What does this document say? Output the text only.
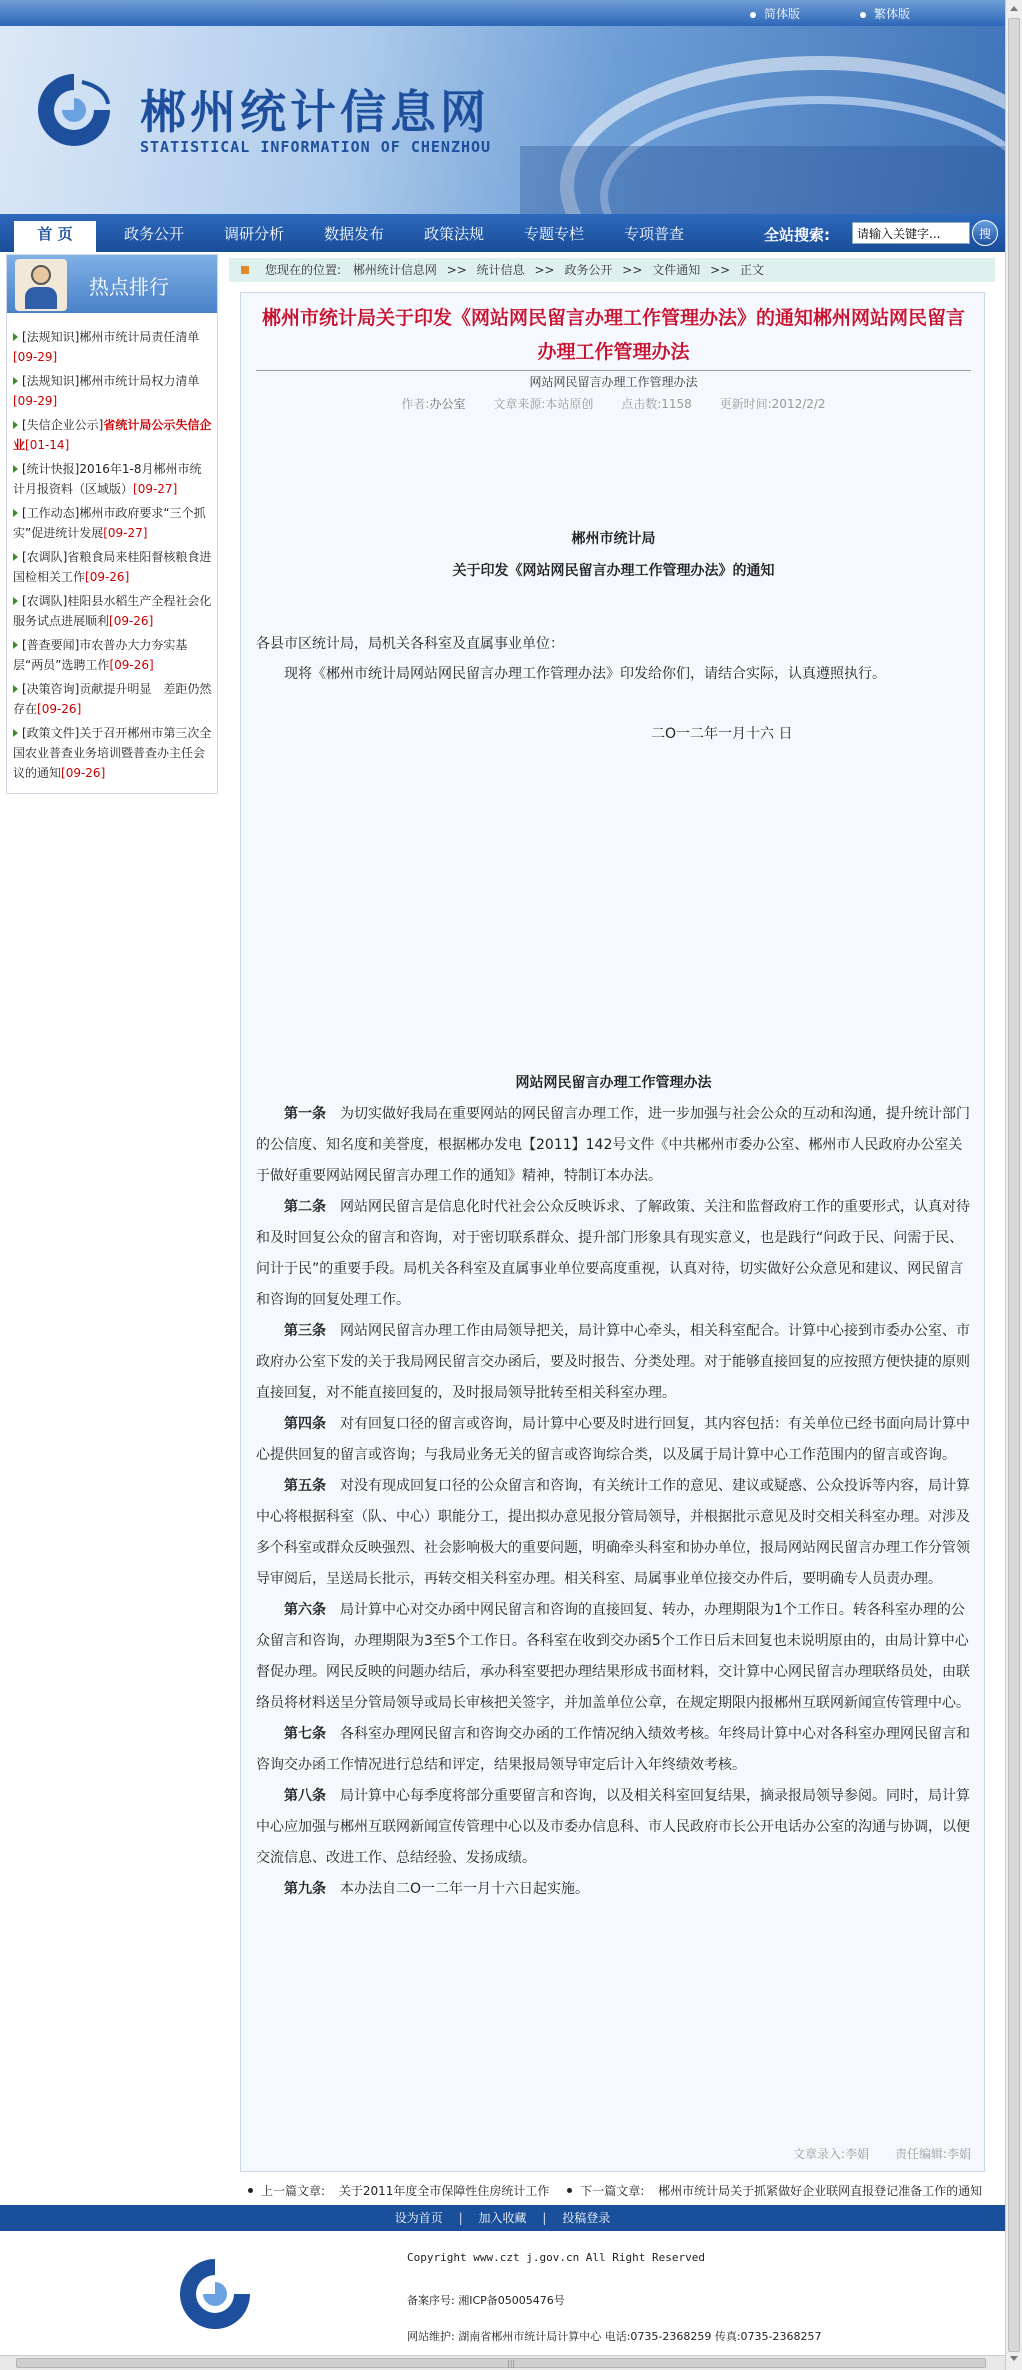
简体版	繁体版
郴州统计信息网
STATISTICAL INFORMATION OF CHENZHOU
首 页	政务公开	调研分析	数据发布	政策法规	专题专栏	专项普查	全站搜索:
请输入关键字...	搜
热点排行
[法规知识]郴州市统计局责任清单
[09-29]
[法规知识]郴州市统计局权力清单
[09-29]
[失信企业公示]省统计局公示失信企业[01-14]
[统计快报]2016年1-8月郴州市统计月报资料（区域版）[09-27]
[工作动态]郴州市政府要求“三个抓实”促进统计发展[09-27]
[农调队]省粮食局来桂阳督核粮食进国检相关工作[09-26]
[农调队]桂阳县水稻生产全程社会化服务试点进展顺利[09-26]
[普查要闻]市农普办大力夯实基层“两员”选聘工作[09-26]
[决策咨询]贡献提升明显　差距仍然存在[09-26]
[政策文件]关于召开郴州市第三次全国农业普查业务培训暨普查办主任会议的通知[09-26]
您现在的位置: 郴州统计信息网 >> 统计信息 >> 政务公开 >> 文件通知 >> 正文
郴州市统计局关于印发《网站网民留言办理工作管理办法》的通知郴州网站网民留言办理工作管理办法
网站网民留言办理工作管理办法
作者:办公室 文章来源:本站原创 点击数:1158 更新时间:2012/2/2

郴州市统计局

关于印发《网站网民留言办理工作管理办法》的通知

各县市区统计局，局机关各科室及直属事业单位：

现将《郴州市统计局网站网民留言办理工作管理办法》印发给你们，请结合实际，认真遵照执行。

二O一二年一月十六 日

网站网民留言办理工作管理办法

第一条 为切实做好我局在重要网站的网民留言办理工作，进一步加强与社会公众的互动和沟通，提升统计部门的公信度、知名度和美誉度，根据郴办发电【2011】142号文件《中共郴州市委办公室、郴州市人民政府办公室关于做好重要网站网民留言办理工作的通知》精神，特制订本办法。

第二条 网站网民留言是信息化时代社会公众反映诉求、了解政策、关注和监督政府工作的重要形式，认真对待和及时回复公众的留言和咨询，对于密切联系群众、提升部门形象具有现实意义，也是践行“问政于民、问需于民、问计于民”的重要手段。局机关各科室及直属事业单位要高度重视，认真对待，切实做好公众意见和建议、网民留言和咨询的回复处理工作。

第三条 网站网民留言办理工作由局领导把关，局计算中心牵头，相关科室配合。计算中心接到市委办公室、市政府办公室下发的关于我局网民留言交办函后，要及时报告、分类处理。对于能够直接回复的应按照方便快捷的原则直接回复，对不能直接回复的，及时报局领导批转至相关科室办理。

第四条 对有回复口径的留言或咨询，局计算中心要及时进行回复，其内容包括：有关单位已经书面向局计算中心提供回复的留言或咨询；与我局业务无关的留言或咨询综合类，以及属于局计算中心工作范围内的留言或咨询。

第五条 对没有现成回复口径的公众留言和咨询，有关统计工作的意见、建议或疑惑、公众投诉等内容，局计算中心将根据科室（队、中心）职能分工，提出拟办意见报分管局领导，并根据批示意见及时交相关科室办理。对涉及多个科室或群众反映强烈、社会影响极大的重要问题，明确牵头科室和协办单位，报局网站网民留言办理工作分管领导审阅后，呈送局长批示，再转交相关科室办理。相关科室、局属事业单位接交办件后，要明确专人员责办理。

第六条 局计算中心对交办函中网民留言和咨询的直接回复、转办，办理期限为1个工作日。转各科室办理的公众留言和咨询，办理期限为3至5个工作日。各科室在收到交办函5个工作日后未回复也未说明原由的，由局计算中心督促办理。网民反映的问题办结后，承办科室要把办理结果形成书面材料，交计算中心网民留言办理联络员处，由联络员将材料送呈分管局领导或局长审核把关签字，并加盖单位公章，在规定期限内报郴州互联网新闻宣传管理中心。

第七条 各科室办理网民留言和咨询交办函的工作情况纳入绩效考核。年终局计算中心对各科室办理网民留言和咨询交办函工作情况进行总结和评定，结果报局领导审定后计入年终绩效考核。

第八条 局计算中心每季度将部分重要留言和咨询，以及相关科室回复结果，摘录报局领导参阅。同时，局计算中心应加强与郴州互联网新闻宣传管理中心以及市委办信息科、市人民政府市长公开电话办公室的沟通与协调，以便交流信息、改进工作、总结经验、发扬成绩。

第九条 本办法自二O一二年一月十六日起实施。

文章录入:李娟 责任编辑:李娟
上一篇文章: 关于2011年度全市保障性住房统计工作	下一篇文章: 郴州市统计局关于抓紧做好企业联网直报登记准备工作的通知
设为首页 | 加入收藏 | 投稿登录
Copyright www.czt j.gov.cn All Right Reserved
备案序号: 湘ICP备05005476号
网站维护: 湖南省郴州市统计局计算中心 电话:0735-2368259 传真:0735-2368257
|||
